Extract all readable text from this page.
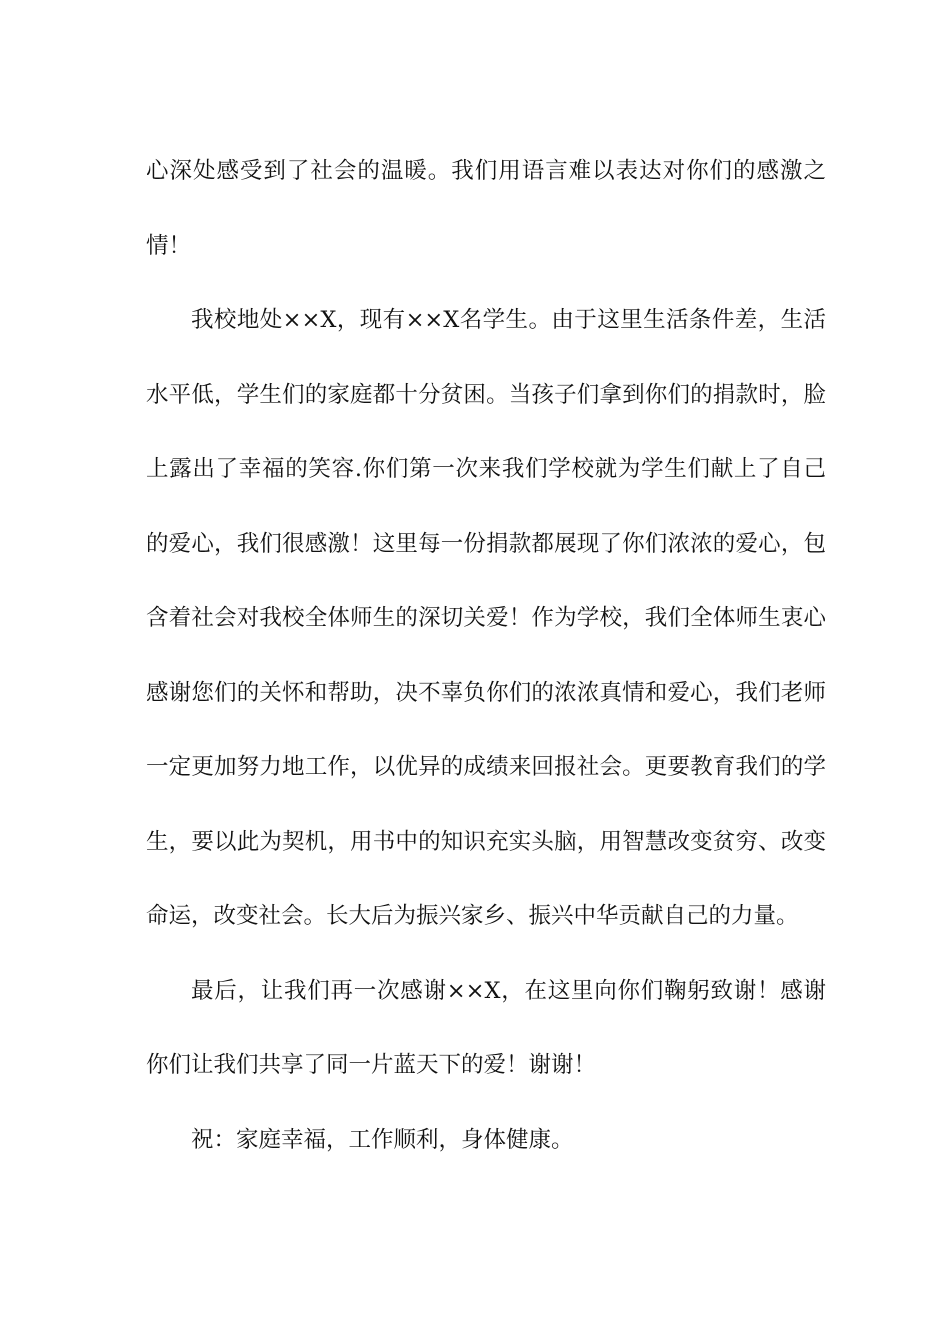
心深处感受到了社会的温暖。我们用语言难以表达对你们的感激之情！

我校地处××X，现有××X名学生。由于这里生活条件差，生活水平低，学生们的家庭都十分贫困。当孩子们拿到你们的捐款时，脸上露出了幸福的笑容.你们第一次来我们学校就为学生们献上了自己的爱心，我们很感激！这里每一份捐款都展现了你们浓浓的爱心，包含着社会对我校全体师生的深切关爱！作为学校，我们全体师生衷心感谢您们的关怀和帮助，决不辜负你们的浓浓真情和爱心，我们老师一定更加努力地工作，以优异的成绩来回报社会。更要教育我们的学生，要以此为契机，用书中的知识充实头脑，用智慧改变贫穷、改变命运，改变社会。长大后为振兴家乡、振兴中华贡献自己的力量。

最后，让我们再一次感谢××X，在这里向你们鞠躬致谢！感谢你们让我们共享了同一片蓝天下的爱！谢谢！

祝：家庭幸福，工作顺利，身体健康。
